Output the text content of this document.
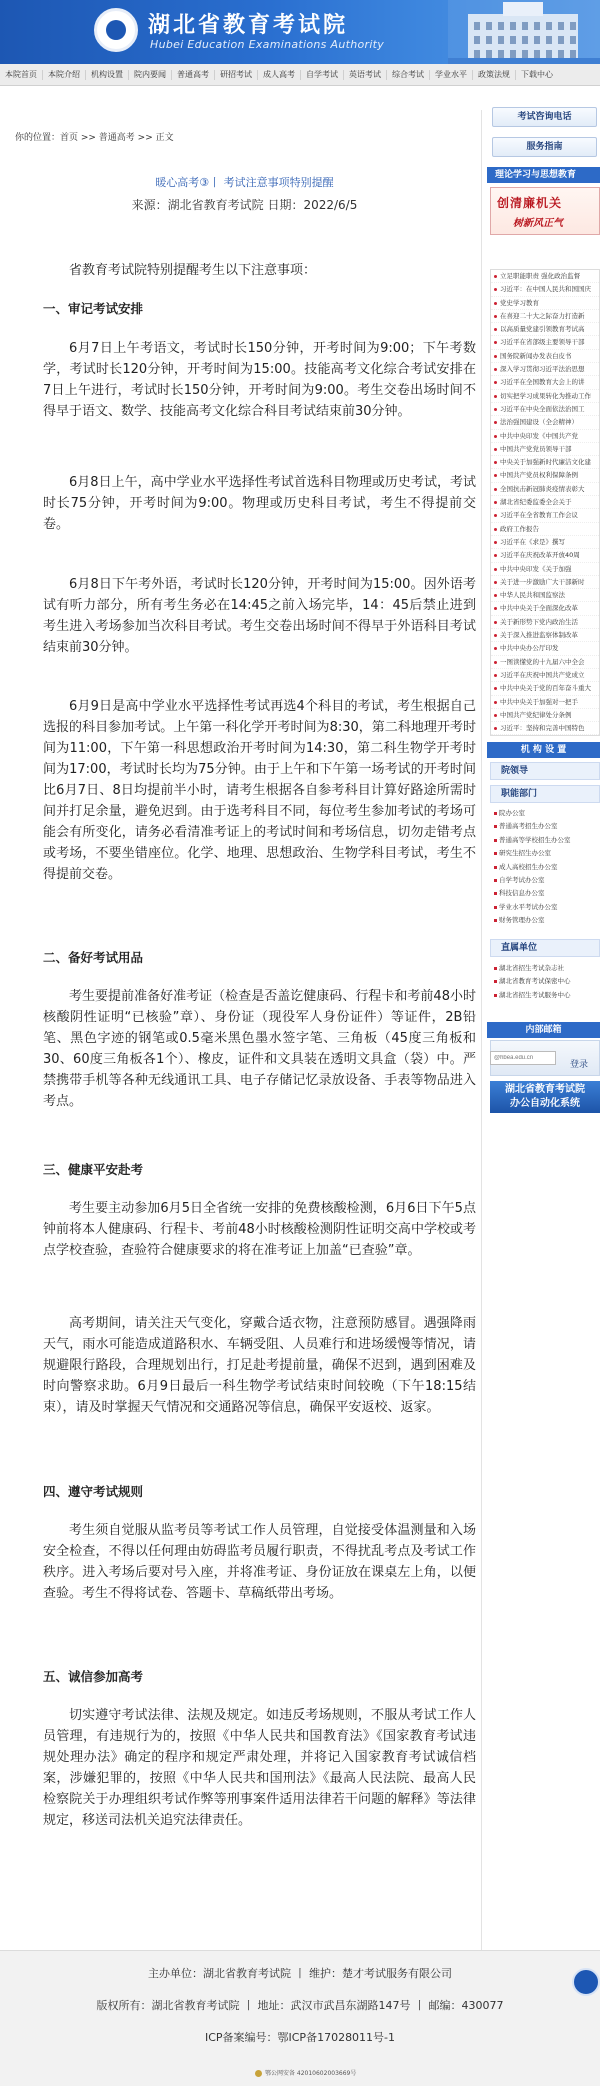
湖北省教育考试院
Hubei Education Examinations Authority
本院首页	本院介绍	机构设置	院内要闻	普通高考	研招考试	成人高考	自学考试	英语考试	综合考试	学业水平	政策法规	下载中心
你的位置：首页 >> 普通高考 >> 正文
暖心高考③丨 考试注意事项特别提醒
来源：湖北省教育考试院 日期：2022/6/5
省教育考试院特别提醒考生以下注意事项：
一、审记考试安排
6月7日上午考语文，考试时长150分钟，开考时间为9:00；下午考数学，考试时长120分钟，开考时间为15:00。技能高考文化综合考试安排在7日上午进行，考试时长150分钟，开考时间为9:00。考生交卷出场时间不得早于语文、数学、技能高考文化综合科目考试结束前30分钟。
6月8日上午，高中学业水平选择性考试首选科目物理或历史考试，考试时长75分钟，开考时间为9:00。物理或历史科目考试，考生不得提前交卷。
6月8日下午考外语，考试时长120分钟，开考时间为15:00。因外语考试有听力部分，所有考生务必在14:45之前入场完毕，14：45后禁止进到考生进入考场参加当次科目考试。考生交卷出场时间不得早于外语科目考试结束前30分钟。
6月9日是高中学业水平选择性考试再选4个科目的考试，考生根据自己选报的科目参加考试。上午第一科化学开考时间为8:30，第二科地理开考时间为11:00，下午第一科思想政治开考时间为14:30，第二科生物学开考时间为17:00，考试时长均为75分钟。由于上午和下午第一场考试的开考时间比6月7日、8日均提前半小时，请考生根据各自参考科目计算好路途所需时间并打足余量，避免迟到。由于选考科目不同，每位考生参加考试的考场可能会有所变化，请务必看清准考证上的考试时间和考场信息，切勿走错考点或考场，不要坐错座位。化学、地理、思想政治、生物学科目考试，考生不得提前交卷。
二、备好考试用品
考生要提前准备好准考证（检查是否盖讫健康码、行程卡和考前48小时核酸阴性证明“已核验”章）、身份证（现役军人身份证件）等证件，2B铅笔、黑色字迹的钢笔或0.5毫米黑色墨水签字笔、三角板（45度三角板和30、60度三角板各1个）、橡皮，证件和文具装在透明文具盒（袋）中。严禁携带手机等各种无线通讯工具、电子存储记忆录放设备、手表等物品进入考点。
三、健康平安赴考
考生要主动参加6月5日全省统一安排的免费核酸检测，6月6日下午5点钟前将本人健康码、行程卡、考前48小时核酸检测阴性证明交高中学校或考点学校查验，查验符合健康要求的将在准考证上加盖“已查验”章。
高考期间，请关注天气变化，穿戴合适衣物，注意预防感冒。遇强降雨天气，雨水可能造成道路积水、车辆受阻、人员难行和进场缓慢等情况，请规避限行路段，合理规划出行，打足赴考提前量，确保不迟到，遇到困难及时向警察求助。6月9日最后一科生物学考试结束时间较晚（下午18:15结束），请及时掌握天气情况和交通路况等信息，确保平安返校、返家。
四、遵守考试规则
考生须自觉服从监考员等考试工作人员管理，自觉接受体温测量和入场安全检查，不得以任何理由妨碍监考员履行职责，不得扰乱考点及考试工作秩序。进入考场后要对号入座，并将准考证、身份证放在课桌左上角，以便查验。考生不得将试卷、答题卡、草稿纸带出考场。
五、诚信参加高考
切实遵守考试法律、法规及规定。如违反考场规则，不服从考试工作人员管理，有违规行为的，按照《中华人民共和国教育法》《国家教育考试违规处理办法》确定的程序和规定严肃处理，并将记入国家教育考试诚信档案，涉嫌犯罪的，按照《中华人民共和国刑法》《最高人民法院、最高人民检察院关于办理组织考试作弊等刑事案件适用法律若干问题的解释》等法律规定，移送司法机关追究法律责任。
考试咨询电话
服务指南
理论学习与思想教育
创清廉机关
树新风正气
立足职能职责 强化政治监督
习近平：在中国人民共和国国庆
党史学习教育
在喜迎二十大之际奋力打造新
以高质量党建引领教育考试高
习近平在省部级主要领导干部
国务院新闻办发表白皮书
深入学习贯彻习近平法治思想
习近平在全国教育大会上的讲
切实把学习成果转化为推动工作
习近平在中央全面依法治国工
法治强国建设（全会精神）
中共中央印发《中国共产党
中国共产党党员领导干部
中央关于加强新时代廉洁文化建
中国共产党员权利保障条例
全国抗击新冠肺炎疫情表彰大
湖北省纪委监委全会关于
习近平在全省教育工作会议
政府工作报告
习近平在《求是》撰写
习近平在庆祝改革开放40周
中共中央印发《关于加强
关于进一步激励广大干部新时
中华人民共和国监察法
中共中央关于全面深化改革
关于新形势下党内政治生活
关于深入推进监察体制改革
中共中央办公厅印发
一图读懂党的十九届六中全会
习近平在庆祝中国共产党成立
中共中央关于党的百年奋斗重大
中共中央关于加强对一把手
中国共产党纪律处分条例
习近平：坚持和完善中国特色
机 构 设 置
院领导
职能部门
院办公室
普通高考招生办公室
普通高等学校招生办公室
研究生招生办公室
成人高校招生办公室
自学考试办公室
科技信息办公室
学业水平考试办公室
财务管理办公室
直属单位
湖北省招生考试杂志社
湖北省教育考试保密中心
湖北省招生考试服务中心
内部邮箱
@hbea.edu.cn
登录
湖北省教育考试院
办公自动化系统
主办单位：湖北省教育考试院 丨 维护：楚才考试服务有限公司
版权所有：湖北省教育考试院 丨 地址：武汉市武昌东湖路147号 丨 邮编：430077
ICP备案编号：鄂ICP备17028011号-1
鄂公网安备 42010602003669号
